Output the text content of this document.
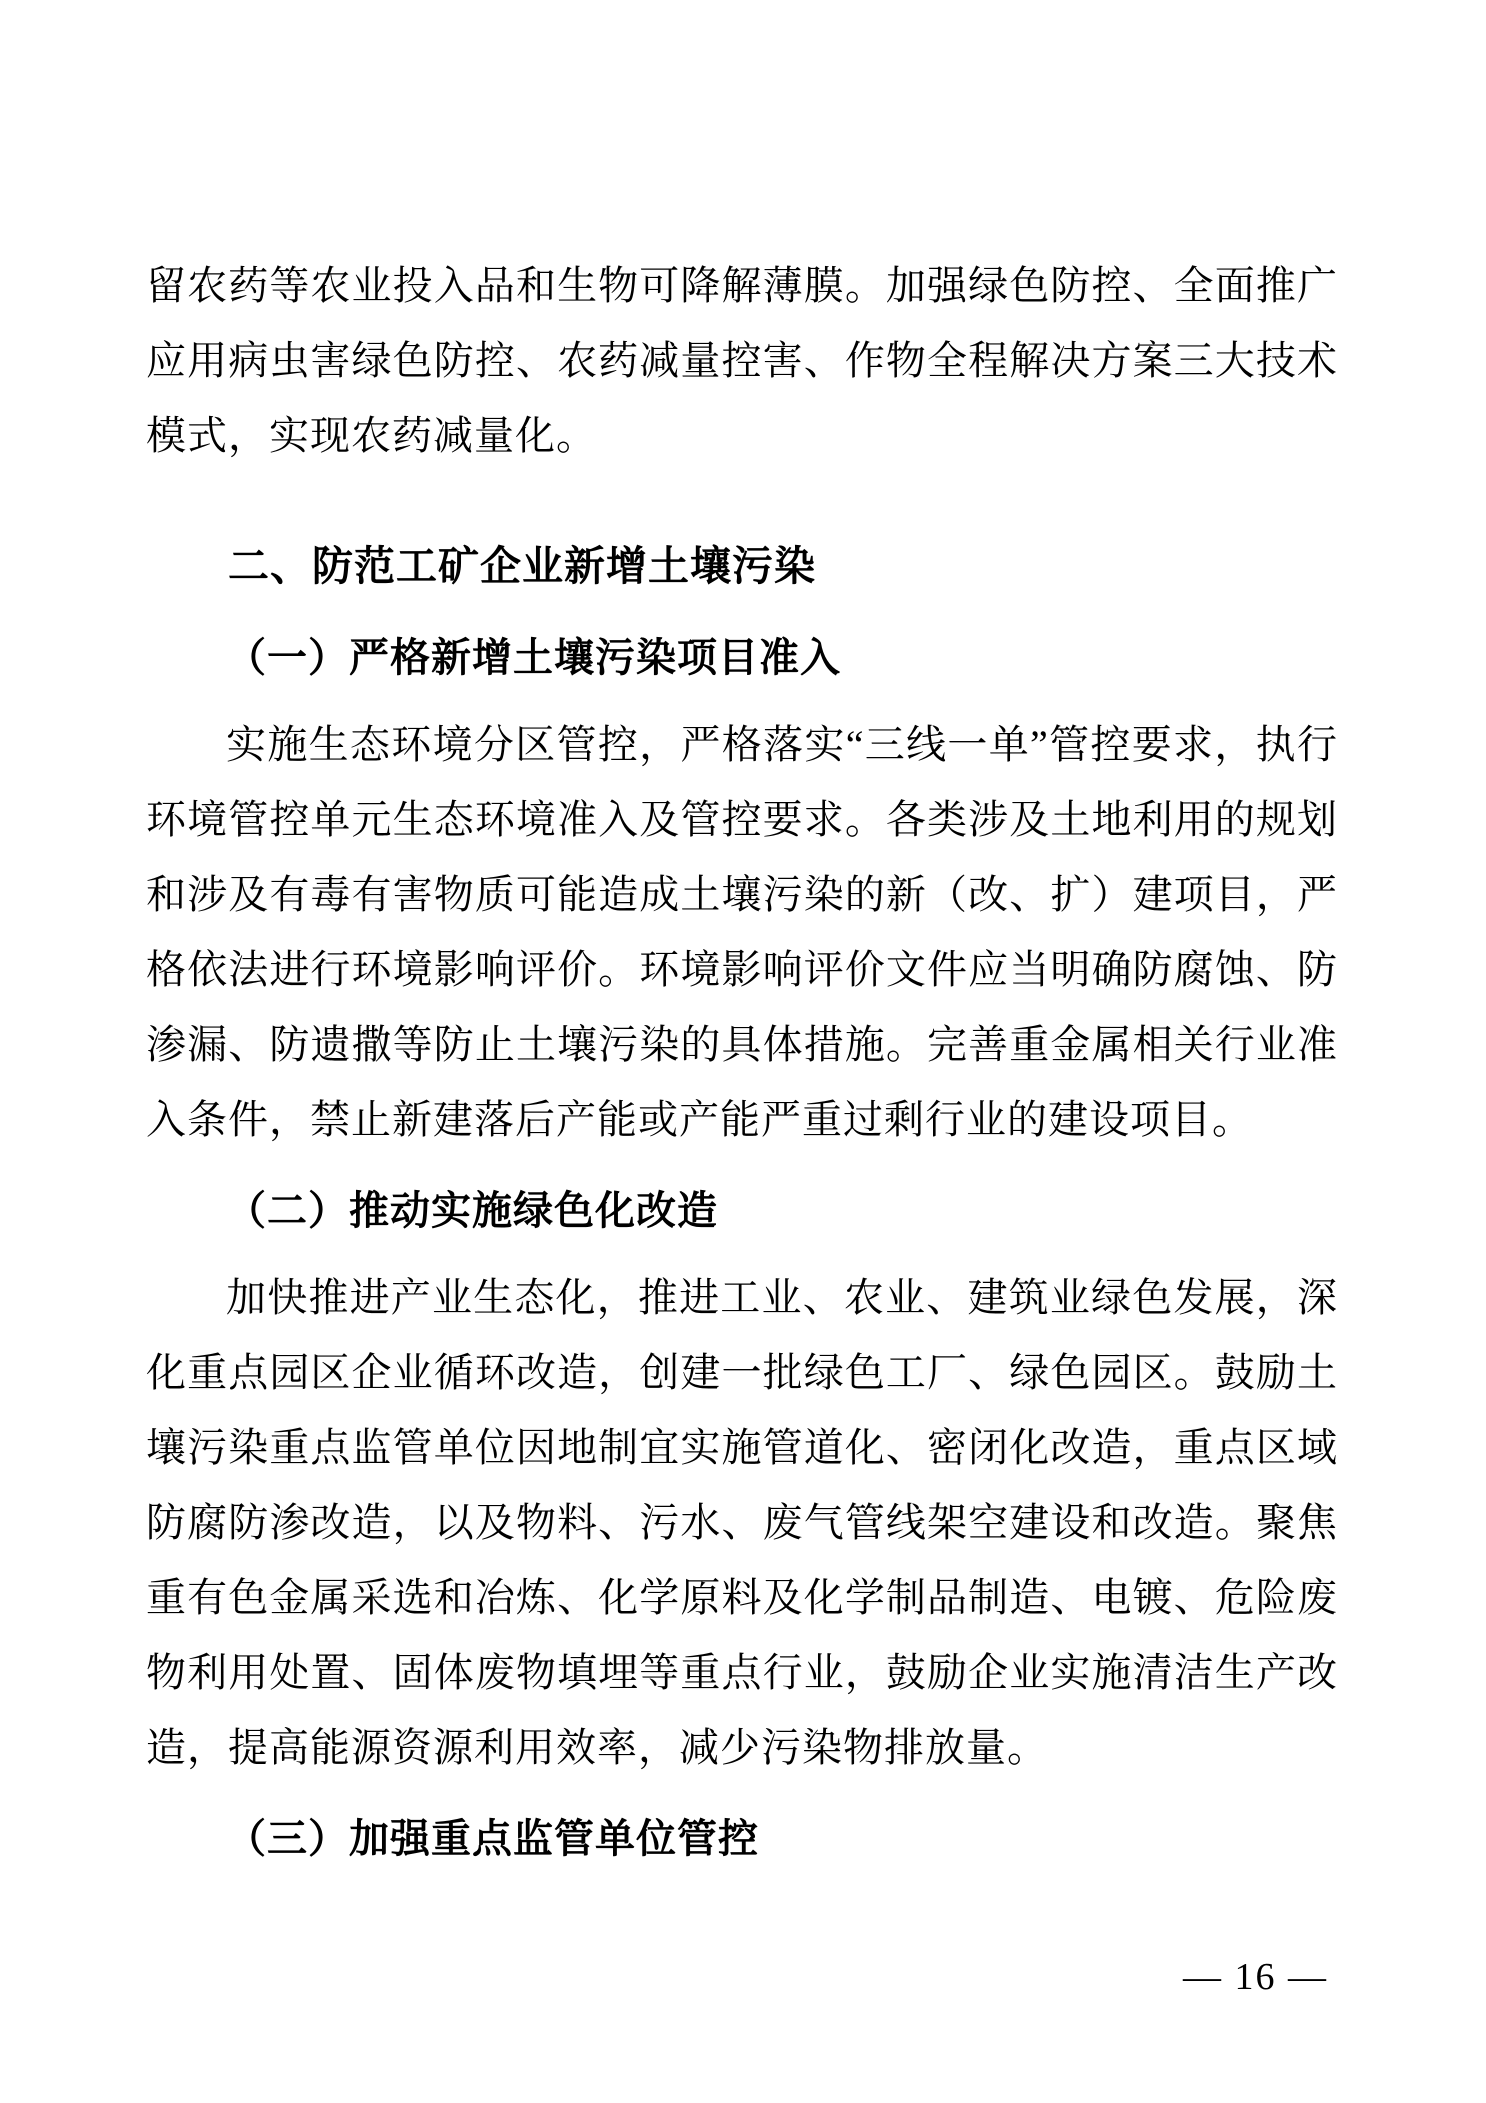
留农药等农业投入品和生物可降解薄膜。加强绿色防控、全面推广应用病虫害绿色防控、农药减量控害、作物全程解决方案三大技术模式，实现农药减量化。

二、防范工矿企业新增土壤污染
（一）严格新增土壤污染项目准入

实施生态环境分区管控，严格落实“三线一单”管控要求，执行环境管控单元生态环境准入及管控要求。各类涉及土地利用的规划和涉及有毒有害物质可能造成土壤污染的新（改、扩）建项目，严格依法进行环境影响评价。环境影响评价文件应当明确防腐蚀、防渗漏、防遗撒等防止土壤污染的具体措施。完善重金属相关行业准入条件，禁止新建落后产能或产能严重过剩行业的建设项目。

（二）推动实施绿色化改造

加快推进产业生态化，推进工业、农业、建筑业绿色发展，深化重点园区企业循环改造，创建一批绿色工厂、绿色园区。鼓励土壤污染重点监管单位因地制宜实施管道化、密闭化改造，重点区域防腐防渗改造，以及物料、污水、废气管线架空建设和改造。聚焦重有色金属采选和冶炼、化学原料及化学制品制造、电镀、危险废物利用处置、固体废物填埋等重点行业，鼓励企业实施清洁生产改造，提高能源资源利用效率，减少污染物排放量。

（三）加强重点监管单位管控
— 16 —
